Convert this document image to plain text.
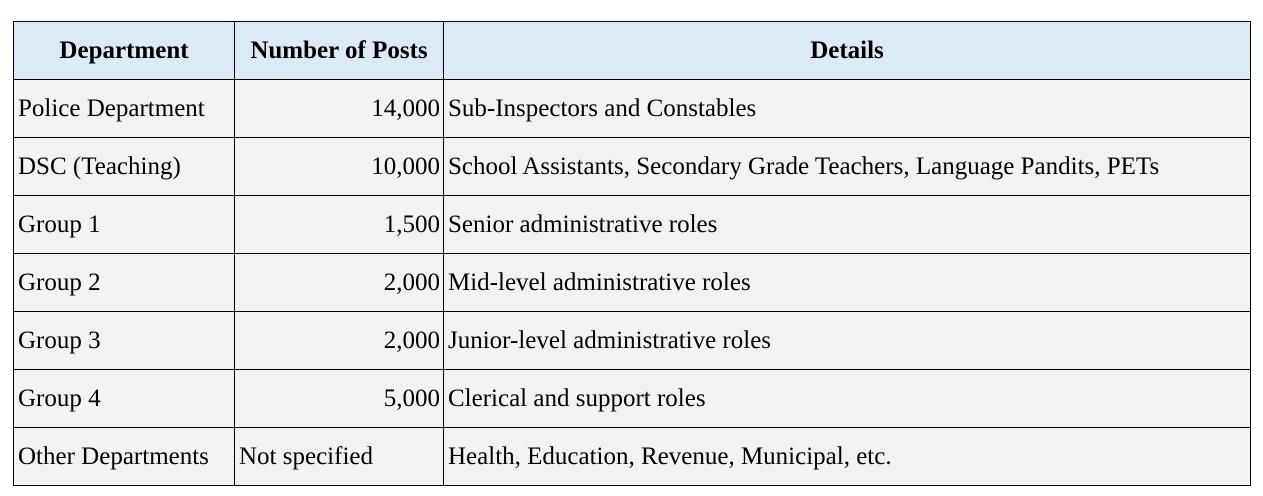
Department	Number of Posts	Details
Police Department	14,000	Sub-Inspectors and Constables
DSC (Teaching)	10,000	School Assistants, Secondary Grade Teachers, Language Pandits, PETs
Group 1	1,500	Senior administrative roles
Group 2	2,000	Mid-level administrative roles
Group 3	2,000	Junior-level administrative roles
Group 4	5,000	Clerical and support roles
Other Departments	Not specified	Health, Education, Revenue, Municipal, etc.
